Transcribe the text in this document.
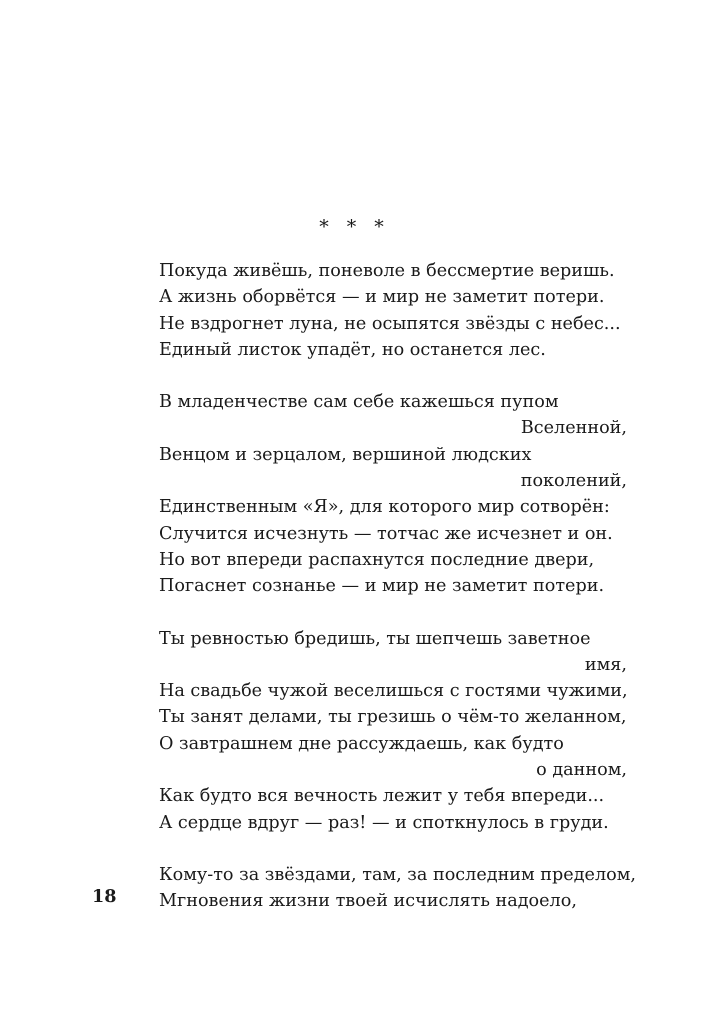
* * *
Покуда живёшь, поневоле в бессмертие веришь.
А жизнь оборвётся — и мир не заметит потери.
Не вздрогнет луна, не осыпятся звёзды с небес...
Единый листок упадёт, но останется лес.
В младенчестве сам себе кажешься пупом
Вселенной,
Венцом и зерцалом, вершиной людских
поколений,
Единственным «Я», для которого мир сотворён:
Случится исчезнуть — тотчас же исчезнет и он.
Но вот впереди распахнутся последние двери,
Погаснет сознанье — и мир не заметит потери.
Ты ревностью бредишь, ты шепчешь заветное
имя,
На свадьбе чужой веселишься с гостями чужими,
Ты занят делами, ты грезишь о чём-то желанном,
О завтрашнем дне рассуждаешь, как будто
о данном,
Как будто вся вечность лежит у тебя впереди...
А сердце вдруг — раз! — и споткнулось в груди.
Кому-то за звёздами, там, за последним пределом,
Мгновения жизни твоей исчислять надоело,
18
